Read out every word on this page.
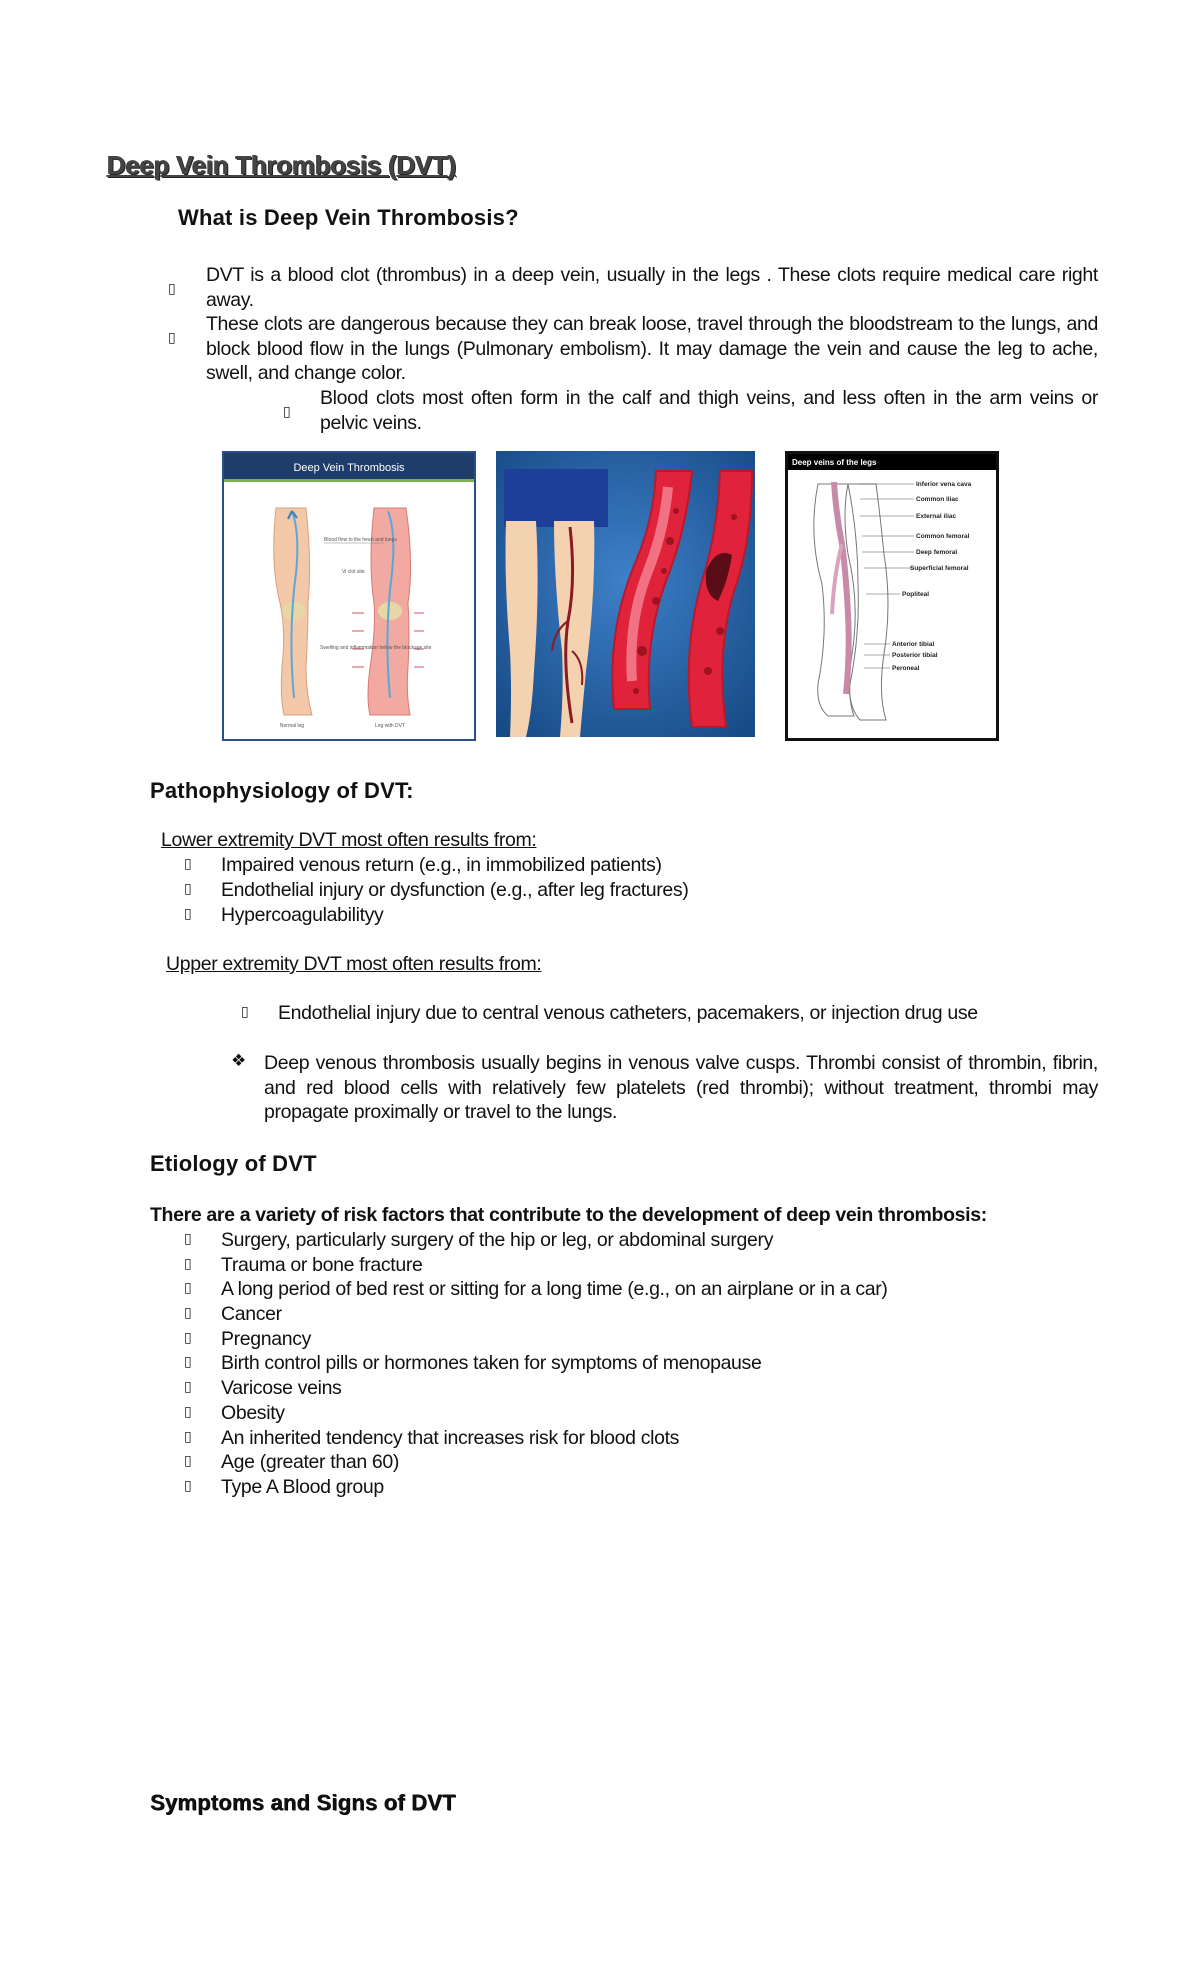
Deep Vein Thrombosis (DVT)
What is Deep Vein Thrombosis?
▯
DVT is a blood clot (thrombus) in a deep vein, usually in the legs . These clots require medical care right away.
▯
These clots are dangerous because they can break loose, travel through the bloodstream to the lungs, and block blood flow in the lungs (Pulmonary embolism). It may damage the vein and cause the leg to ache, swell, and change color.
▯
Blood clots most often form in the calf and thigh veins, and less often in the arm veins or pelvic veins.
Deep Vein Thrombosis
Blood flow to the heart and lungs
Vi clot site
Swelling and inflammation below the blockage site
Normal leg	Leg with DVT
Deep veins of the legs
Inferior vena cava
Common iliac
External iliac
Common femoral
Deep femoral
Superficial femoral
Popliteal
Anterior tibial
Posterior tibial
Peroneal
Pathophysiology of DVT:
Lower extremity DVT most often results from:
▯ Impaired venous return (e.g., in immobilized patients)
▯ Endothelial injury or dysfunction (e.g., after leg fractures)
▯ Hypercoagulabilityy
Upper extremity DVT most often results from:
▯ Endothelial injury due to central venous catheters, pacemakers, or injection drug use
❖ Deep venous thrombosis usually begins in venous valve cusps. Thrombi consist of thrombin, fibrin, and red blood cells with relatively few platelets (red thrombi); without treatment, thrombi may propagate proximally or travel to the lungs.
Etiology of DVT
There are a variety of risk factors that contribute to the development of deep vein thrombosis:
▯ Surgery, particularly surgery of the hip or leg, or abdominal surgery
▯ Trauma or bone fracture
▯ A long period of bed rest or sitting for a long time (e.g., on an airplane or in a car)
▯ Cancer
▯ Pregnancy
▯ Birth control pills or hormones taken for symptoms of menopause
▯ Varicose veins
▯ Obesity
▯ An inherited tendency that increases risk for blood clots
▯ Age (greater than 60)
▯ Type A Blood group
Symptoms and Signs of DVT
